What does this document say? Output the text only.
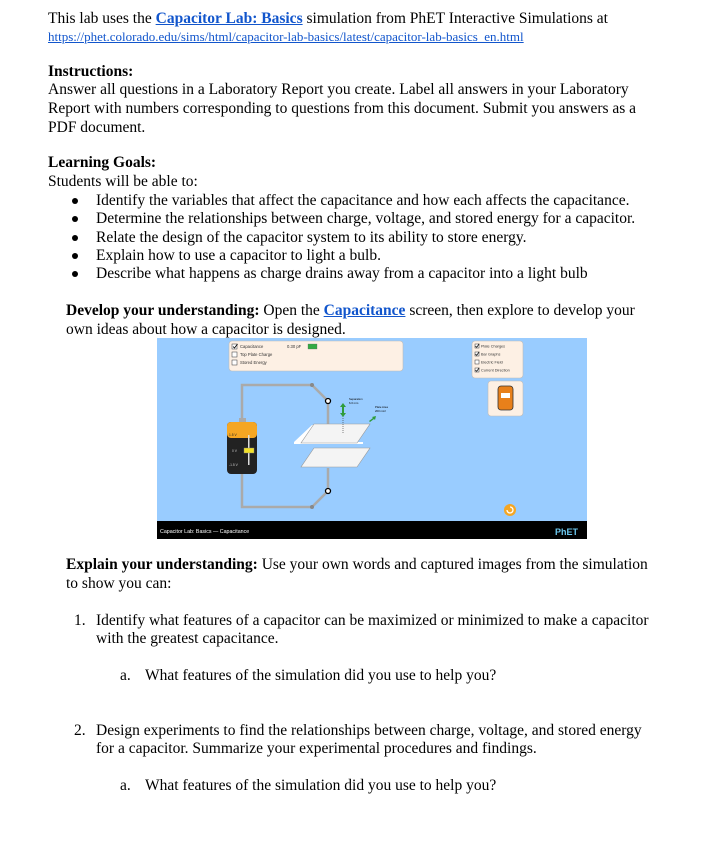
This lab uses the Capacitor Lab: Basics simulation from PhET Interactive Simulations at
https://phet.colorado.edu/sims/html/capacitor-lab-basics/latest/capacitor-lab-basics_en.html
Instructions:
Answer all questions in a Laboratory Report you create. Label all answers in your Laboratory
Report with numbers corresponding to questions from this document. Submit you answers as a
PDF document.
Learning Goals:
Students will be able to:
Identify the variables that affect the capacitance and how each affects the capacitance.
Determine the relationships between charge, voltage, and stored energy for a capacitor.
Relate the design of the capacitor system to its ability to store energy.
Explain how to use a capacitor to light a bulb.
Describe what happens as charge drains away from a capacitor into a light bulb
Develop your understanding: Open the Capacitance screen, then explore to develop your
own ideas about how a capacitor is designed.
Capacitance	0.30 pF
Top Plate Charge
Stored Energy
Plate Charges
Bar Graphs
Electric Field
Current Direction
1.5 V
0 V
-1.5 V
Separation
6.0 mm
Plate Area
200 mm²
Capacitor Lab: Basics — Capacitance	PhET
Explain your understanding: Use your own words and captured images from the simulation
to show you can:
1. Identify what features of a capacitor can be maximized or minimized to make a capacitor
with the greatest capacitance.
a. What features of the simulation did you use to help you?
2. Design experiments to find the relationships between charge, voltage, and stored energy
for a capacitor. Summarize your experimental procedures and findings.
a. What features of the simulation did you use to help you?
